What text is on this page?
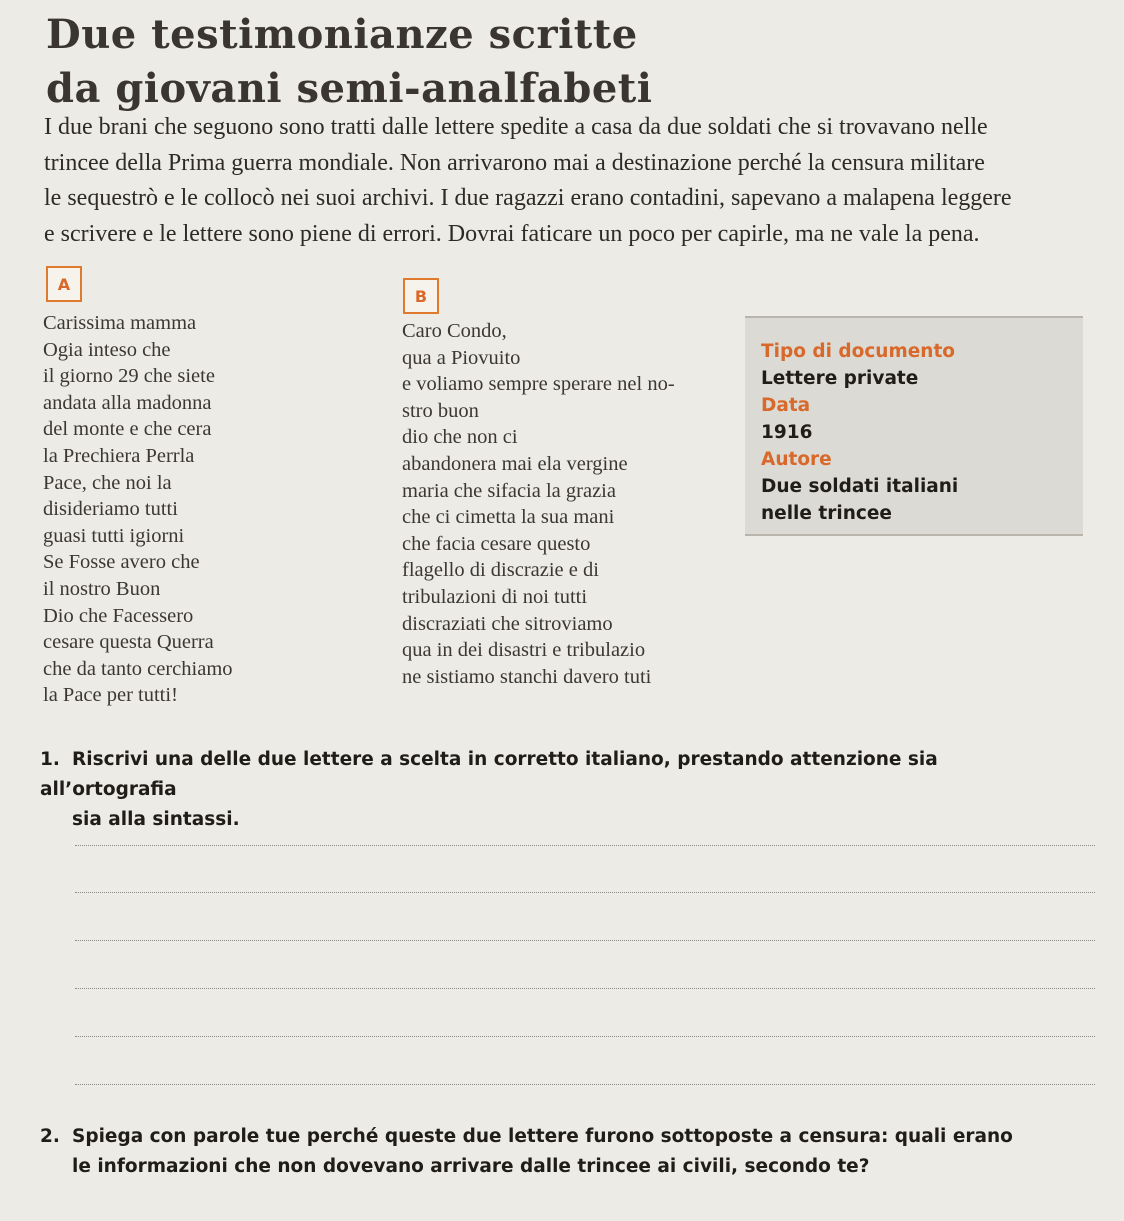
Due testimonianze scritte
da giovani semi-analfabeti
I due brani che seguono sono tratti dalle lettere spedite a casa da due soldati che si trovavano nelle
trincee della Prima guerra mondiale. Non arrivarono mai a destinazione perché la censura militare
le sequestrò e le collocò nei suoi archivi. I due ragazzi erano contadini, sapevano a malapena leggere
e scrivere e le lettere sono piene di errori. Dovrai faticare un poco per capirle, ma ne vale la pena.
A
B
Carissima mamma
Ogia inteso che
il giorno 29 che siete
andata alla madonna
del monte e che cera
la Prechiera Perrla
Pace, che noi la
disideriamo tutti
guasi tutti igiorni
Se Fosse avero che
il nostro Buon
Dio che Facessero
cesare questa Querra
che da tanto cerchiamo
la Pace per tutti!
Caro Condo,
qua a Piovuito
e voliamo sempre sperare nel no-
stro buon
dio che non ci
abandonera mai ela vergine
maria che sifacia la grazia
che ci cimetta la sua mani
che facia cesare questo
flagello di discrazie e di
tribulazioni di noi tutti
discraziati che sitroviamo
qua in dei disastri e tribulazio
ne sistiamo stanchi davero tuti
Tipo di documento
Lettere private
Data
1916
Autore
Due soldati italiani
nelle trincee
1. Riscrivi una delle due lettere a scelta in corretto italiano, prestando attenzione sia all’ortografia
sia alla sintassi.
2. Spiega con parole tue perché queste due lettere furono sottoposte a censura: quali erano
le informazioni che non dovevano arrivare dalle trincee ai civili, secondo te?
